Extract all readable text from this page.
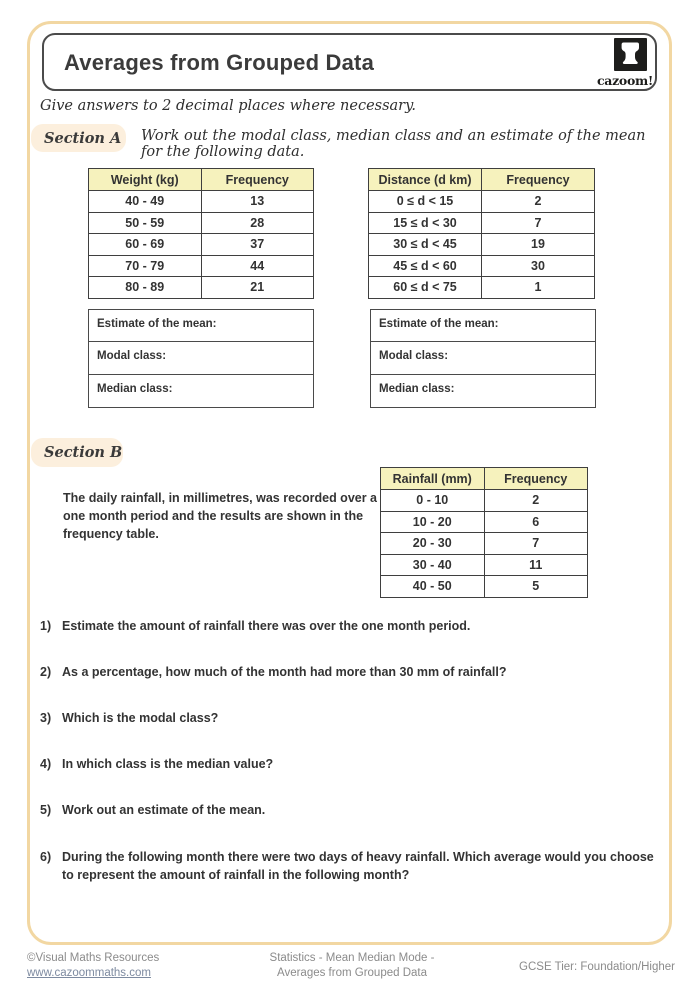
Averages from Grouped Data
cazoom!
Give answers to 2 decimal places where necessary.
Section A Work out the modal class, median class and an estimate of the mean for the following data.
Weight (kg)	Frequency
40 - 49	13
50 - 59	28
60 - 69	37
70 - 79	44
80 - 89	21
Distance (d km)	Frequency
0 ≤ d < 15	2
15 ≤ d < 30	7
30 ≤ d < 45	19
45 ≤ d < 60	30
60 ≤ d < 75	1
Estimate of the mean:
Modal class:
Median class:
Estimate of the mean:
Modal class:
Median class:
Section B
The daily rainfall, in millimetres, was recorded over a one month period and the results are shown in the frequency table.
Rainfall (mm)	Frequency
0 - 10	2
10 - 20	6
20 - 30	7
30 - 40	11
40 - 50	5
1) Estimate the amount of rainfall there was over the one month period.
2) As a percentage, how much of the month had more than 30 mm of rainfall?
3) Which is the modal class?
4) In which class is the median value?
5) Work out an estimate of the mean.
6) During the following month there were two days of heavy rainfall. Which average would you choose to represent the amount of rainfall in the following month?
©Visual Maths Resources
www.cazoommaths.com
Statistics - Mean Median Mode -
Averages from Grouped Data	GCSE Tier: Foundation/Higher
